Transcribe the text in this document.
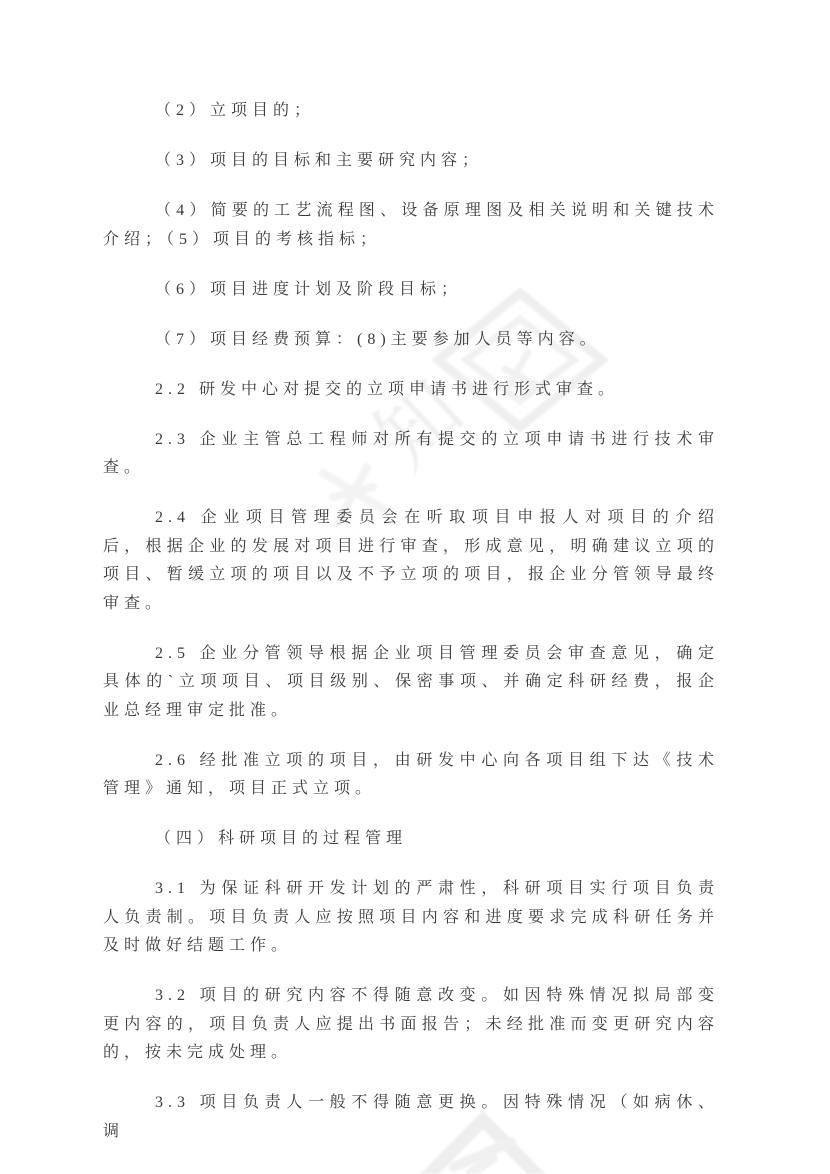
知

（2）立项目的；

（3）项目的目标和主要研究内容；

（4）简要的工艺流程图、设备原理图及相关说明和关键技术介绍；（5）项目的考核指标；

（6）项目进度计划及阶段目标；

（7）项目经费预算：(8)主要参加人员等内容。

2.2 研发中心对提交的立项申请书进行形式审查。

2.3 企业主管总工程师对所有提交的立项申请书进行技术审查。

2.4 企业项目管理委员会在听取项目申报人对项目的介绍后，根据企业的发展对项目进行审查，形成意见，明确建议立项的项目、暂缓立项的项目以及不予立项的项目，报企业分管领导最终审查。

2.5 企业分管领导根据企业项目管理委员会审查意见，确定具体的`立项项目、项目级别、保密事项、并确定科研经费，报企业总经理审定批准。

2.6 经批准立项的项目，由研发中心向各项目组下达《技术管理》通知，项目正式立项。

（四）科研项目的过程管理

3.1 为保证科研开发计划的严肃性，科研项目实行项目负责人负责制。项目负责人应按照项目内容和进度要求完成科研任务并及时做好结题工作。

3.2 项目的研究内容不得随意改变。如因特殊情况拟局部变更内容的，项目负责人应提出书面报告；未经批准而变更研究内容的，按未完成处理。

3.3 项目负责人一般不得随意更换。因特殊情况（如病休、调
